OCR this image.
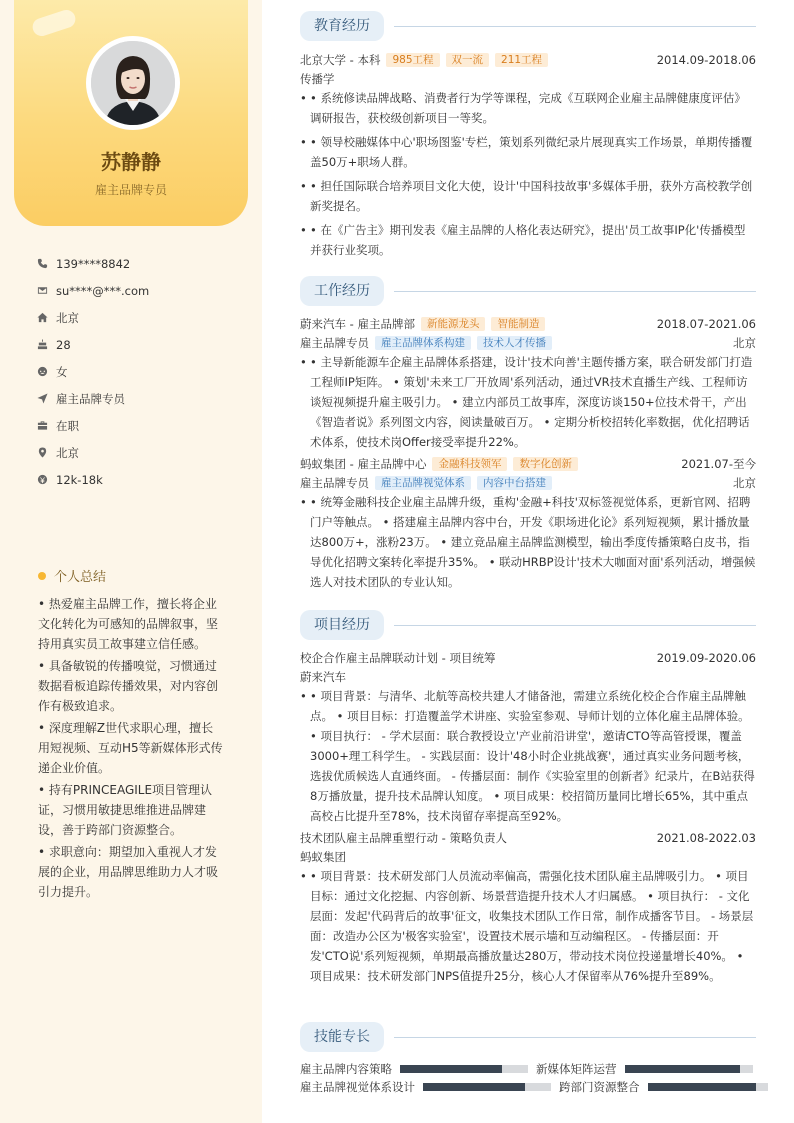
苏静静
雇主品牌专员
139****8842
su****@***.com
北京
28
女
雇主品牌专员
在职
北京
12k-18k
个人总结

• 热爱雇主品牌工作，擅长将企业文化转化为可感知的品牌叙事，坚持用真实员工故事建立信任感。

• 具备敏锐的传播嗅觉，习惯通过数据看板追踪传播效果，对内容创作有极致追求。

• 深度理解Z世代求职心理，擅长用短视频、互动H5等新媒体形式传递企业价值。

• 持有PRINCEAGILE项目管理认证，习惯用敏捷思维推进品牌建设，善于跨部门资源整合。

• 求职意向：期望加入重视人才发展的企业，用品牌思维助力人才吸引力提升。

教育经历
北京大学 - 本科	985工程	双一流	211工程	2014.09-2018.06
传播学
• • 系统修读品牌战略、消费者行为学等课程，完成《互联网企业雇主品牌健康度评估》调研报告，获校级创新项目一等奖。
• • 领导校融媒体中心'职场图鉴'专栏，策划系列微纪录片展现真实工作场景，单期传播覆盖50万+职场人群。
• • 担任国际联合培养项目文化大使，设计'中国科技故事'多媒体手册，获外方高校教学创新奖提名。
• • 在《广告主》期刊发表《雇主品牌的人格化表达研究》，提出'员工故事IP化'传播模型并获行业奖项。
工作经历
蔚来汽车 - 雇主品牌部	新能源龙头	智能制造	2018.07-2021.06
雇主品牌专员	雇主品牌体系构建	技术人才传播	北京
• • 主导新能源车企雇主品牌体系搭建，设计'技术向善'主题传播方案，联合研发部门打造工程师IP矩阵。 • 策划'未来工厂开放周'系列活动，通过VR技术直播生产线、工程师访谈短视频提升雇主吸引力。 • 建立内部员工故事库，深度访谈150+位技术骨干，产出《智造者说》系列图文内容，阅读量破百万。 • 定期分析校招转化率数据，优化招聘话术体系，使技术岗Offer接受率提升22%。
蚂蚁集团 - 雇主品牌中心	金融科技领军	数字化创新	2021.07-至今
雇主品牌专员	雇主品牌视觉体系	内容中台搭建	北京
• • 统筹金融科技企业雇主品牌升级，重构'金融+科技'双标签视觉体系，更新官网、招聘门户等触点。 • 搭建雇主品牌内容中台，开发《职场进化论》系列短视频，累计播放量达800万+，涨粉23万。 • 建立竞品雇主品牌监测模型，输出季度传播策略白皮书，指导优化招聘文案转化率提升35%。 • 联动HRBP设计'技术大咖面对面'系列活动，增强候选人对技术团队的专业认知。
项目经历
校企合作雇主品牌联动计划 - 项目统筹	2019.09-2020.06
蔚来汽车
• • 项目背景：与清华、北航等高校共建人才储备池，需建立系统化校企合作雇主品牌触点。 • 项目目标：打造覆盖学术讲座、实验室参观、导师计划的立体化雇主品牌体验。 • 项目执行： - 学术层面：联合教授设立'产业前沿讲堂'，邀请CTO等高管授课，覆盖3000+理工科学生。 - 实践层面：设计'48小时企业挑战赛'，通过真实业务问题考核，选拔优质候选人直通终面。 - 传播层面：制作《实验室里的创新者》纪录片，在B站获得8万播放量，提升技术品牌认知度。 • 项目成果：校招简历量同比增长65%，其中重点高校占比提升至78%，技术岗留存率提高至92%。
技术团队雇主品牌重塑行动 - 策略负责人	2021.08-2022.03
蚂蚁集团
• • 项目背景：技术研发部门人员流动率偏高，需强化技术团队雇主品牌吸引力。 • 项目目标：通过文化挖掘、内容创新、场景营造提升技术人才归属感。 • 项目执行： - 文化层面：发起'代码背后的故事'征文，收集技术团队工作日常，制作成播客节目。 - 场景层面：改造办公区为'极客实验室'，设置技术展示墙和互动编程区。 - 传播层面：开发'CTO说'系列短视频，单期最高播放量达280万，带动技术岗位投递量增长40%。 • 项目成果：技术研发部门NPS值提升25分，核心人才保留率从76%提升至89%。
技能专长
雇主品牌内容策略	新媒体矩阵运营
雇主品牌视觉体系设计	跨部门资源整合
